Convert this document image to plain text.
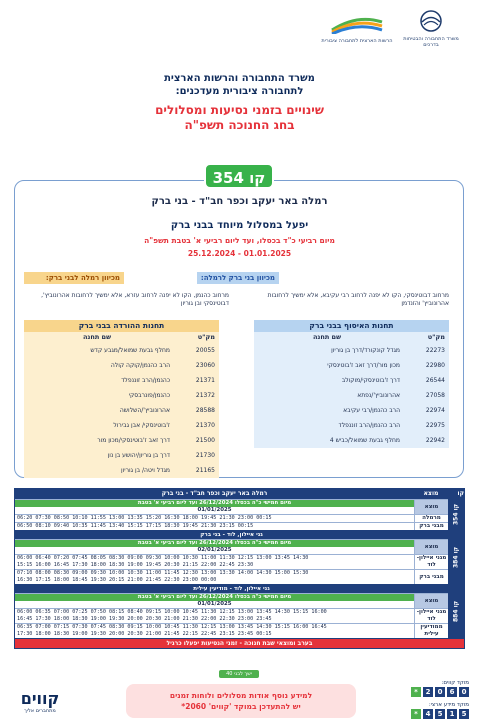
משרד התחבורה והבטיחות בדרכים
הרשות הארצית לתחבורה ציבורית
משרד התחבורה והרשות הארצית
לתחבורה ציבורית מעדכנים:
שינויים בזמני נסיעות ומסלולים
בחג החנוכה תשפ"ה
קו 354
רמלה באר יעקב וכפר חב"ד - בני ברק
יפעל במסלול מיוחד בבני ברק
מיום רביעי כ"ד בכסלו, ועד ליום רביעי א' בטבת תשפ"ה
25.12.2024 - 01.01.2025
מכיוון בני ברק לרמלה:
מכיוון רמלה לבני ברק:
מרחוב דבוטינסקי, הקו לא יפנה לרחוב רבי עקיבא, אלא ימשיך לרחובות אהרונוביץ' והזנדמן
מרחוב כהנמן, הקו לא יפנה לרחוב עזרא, אלא ימשיך לרחובות אהרונוביץ', דבוטינסקי ובן גוריון
תחנות האיסוף בבני ברק
מק"ט
שם תחנה
22273
מגדל קונקורד/דרך בן גוריון
22980
מכון מור/דרך זאב ז'בוטינסקי
26544
דרך ז'בוטינסקי/מוקולב
27058
אהרונוביץ'/נפתא
22974
הרב כהנמן/רבי עקיבא
22975
הרב כהנמן/הרב זוננפלד
22942
מחלף גבעת שמואל/כביש 4
תחנות ההורדה בבני ברק
מק"ט
שם תחנה
20055
מחלף גבעת שמואל/מגבע קדש
23060
הרב כהנמן/קוקה קולה
21371
כהנמן/הרב זוננפלד
21372
כהנמן/פונרבסקי
28588
אהרונוביץ'/השלושה
21370
ז'בוטינסקי/ אבן גבירול
21500
דרך זאב ז'בוטינסקי/מכון מור
21730
דרך בן גוריון/יהושע בן נון
21165
מגדל ויטה/ בן גוריון
קו
מוצא
רמלה באר יעקב וכפר חב"ד - בני ברק
קו 354
מוצא
מיום חמישי כ"ה בכסלו 26/12/2024 ועד ליום רביעי א' בטבת
01/01/2025
מרמלה
06:20 07:30 08:50 10:10 11:55 13:00 13:35 15:20 16:30 18:00 19:45 21:30 23:00 00:15
מבני ברק
06:50 08:10 09:40 10:35 11:45 13:40 15:15 17:15 18:30 19:45 21:30 23:15 00:15
קו 384
גני איילון, לוד - בני ברק
מוצא
מיום חמישי כ"ה בכסלו 26/12/2024 ועד ליום רביעי א' בטבת
02/01/2025
מגני איילון- לוד
06:00 06:40 07:20 07:45 08:05 08:30 09:00 09:30 10:00 10:30 11:00 11:30 12:15 13:00 13:45 14:30
15:15 16:00 16:45 17:30 18:00 18:30 19:00 19:45 20:30 21:15 22:00 22:45 23:30
מבני ברק
07:10 08:00 08:30 09:00 09:30 10:00 10:30 11:00 11:45 12:30 13:00 13:30 14:00 14:30 15:00 15:30
16:30 17:15 18:00 18:45 19:30 20:15 21:00 21:45 22:30 23:00 00:00
קו 884
גני איילון, לוד - מודיעין עילית
מוצא
מיום חמישי כ"ה בכסלו 26/12/2024 ועד ליום רביעי א' בטבת
01/01/2025
מגני איילון- לוד
06:00 06:35 07:00 07:25 07:50 08:15 08:40 09:15 10:00 10:45 11:30 12:15 13:00 13:45 14:30 15:15 16:00
16:45 17:30 18:00 18:30 19:00 19:30 20:00 20:30 21:00 21:30 22:00 22:30 23:00 23:45
ממודיעין עילית
06:35 07:00 07:15 07:30 07:45 08:30 09:15 10:00 10:45 11:30 12:15 13:00 13:45 14:30 15:15 16:00 16:45
17:30 18:00 18:30 19:00 19:30 20:00 20:30 21:00 21:45 22:15 22:45 23:15 23:45 00:15
בערב ומוצאי שבת חנוכה - זמני הנסיעות יפעלו כרגיל
ישך לבני 40
למידע נוסף אודות מסלולים ולוחות זמנים
יש להתעדכן במוקד 'קווים' 2060*
קווים
מתחברים אליך
מוקד קווים:
*	2	0	6	0
מוקד מידע ארצי:
*	4	5	1	5
